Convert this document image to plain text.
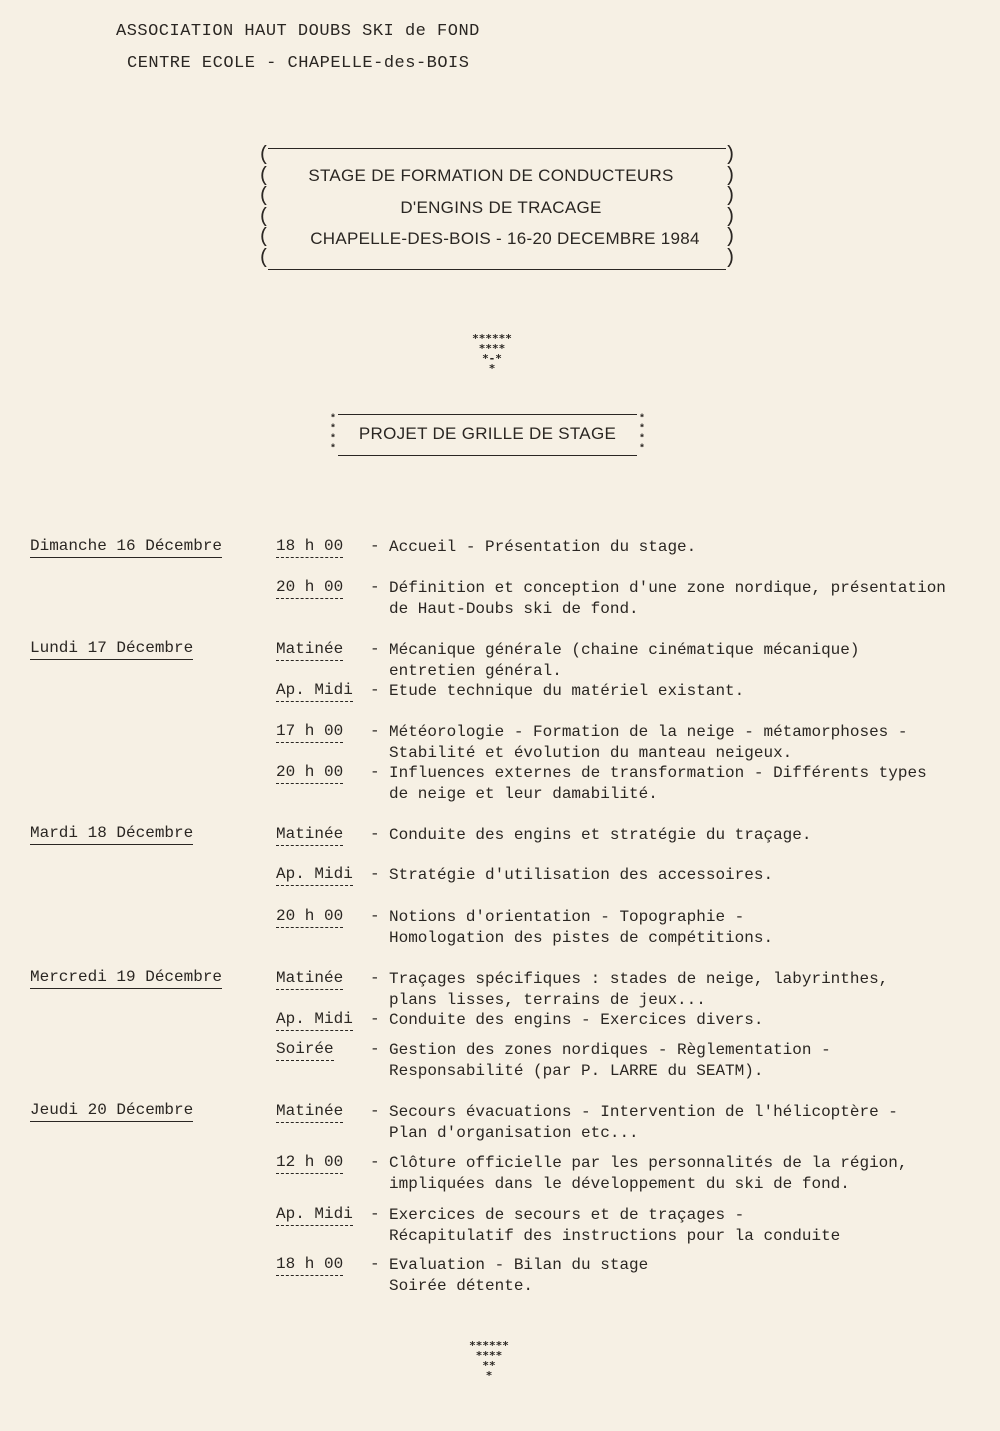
ASSOCIATION HAUT DOUBS SKI de FOND
CENTRE ECOLE - CHAPELLE-des-BOIS
(
(
(
(
(
(
)
)
)
)
)
)
STAGE DE FORMATION DE CONDUCTEURS
D'ENGINS DE TRACAGE
CHAPELLE-DES-BOIS - 16-20 DECEMBRE 1984
******
****
*-*
*
*
*
*
*
*
*
*
*
PROJET DE GRILLE DE STAGE
Dimanche 16 Décembre
Lundi 17 Décembre
Mardi 18 Décembre
Mercredi 19 Décembre
Jeudi 20 Décembre
18 h 00 - Accueil - Présentation du stage.
20 h 00 - Définition et conception d'une zone nordique, présentation
de Haut-Doubs ski de fond.
Matinée - Mécanique générale (chaine cinématique mécanique)
entretien général.
Ap. Midi - Etude technique du matériel existant.
17 h 00 - Météorologie - Formation de la neige - métamorphoses -
Stabilité et évolution du manteau neigeux.
20 h 00 - Influences externes de transformation - Différents types
de neige et leur damabilité.
Matinée - Conduite des engins et stratégie du traçage.
Ap. Midi - Stratégie d'utilisation des accessoires.
20 h 00 - Notions d'orientation - Topographie -
Homologation des pistes de compétitions.
Matinée - Traçages spécifiques : stades de neige, labyrinthes,
plans lisses, terrains de jeux...
Ap. Midi - Conduite des engins - Exercices divers.
Soirée - Gestion des zones nordiques - Règlementation -
Responsabilité (par P. LARRE du SEATM).
Matinée - Secours évacuations - Intervention de l'hélicoptère -
Plan d'organisation etc...
12 h 00 - Clôture officielle par les personnalités de la région,
impliquées dans le développement du ski de fond.
Ap. Midi - Exercices de secours et de traçages -
Récapitulatif des instructions pour la conduite
18 h 00 - Evaluation - Bilan du stage
Soirée détente.
******
****
**
*
